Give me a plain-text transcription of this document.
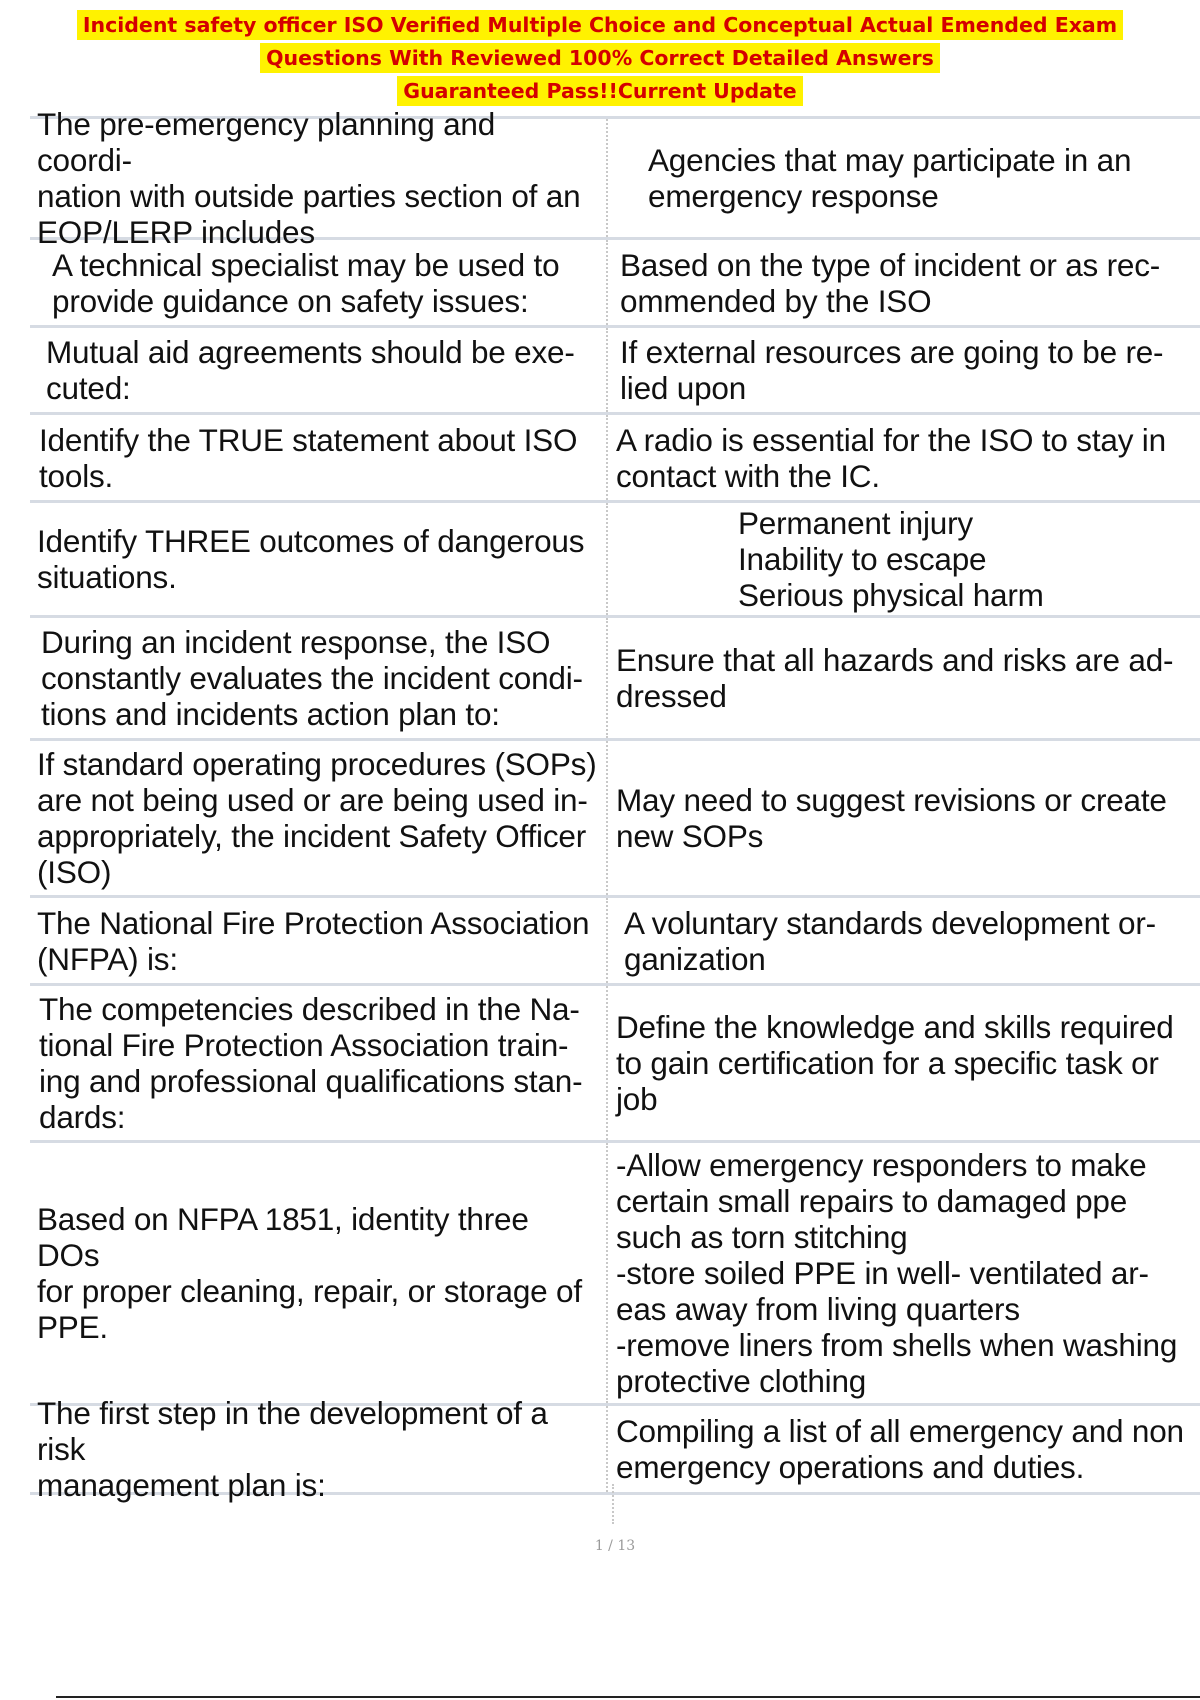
Incident safety officer ISO Verified Multiple Choice and Conceptual Actual Emended Exam
Questions With Reviewed 100% Correct Detailed Answers
Guaranteed Pass!!Current Update
The pre-emergency planning and coordi-
nation with outside parties section of an
EOP/LERP includes
Agencies that may participate in an
emergency response
A technical specialist may be used to
provide guidance on safety issues:
Based on the type of incident or as rec-
ommended by the ISO
Mutual aid agreements should be exe-
cuted:
If external resources are going to be re-
lied upon
Identify the TRUE statement about ISO
tools.
A radio is essential for the ISO to stay in
contact with the IC.
Identify THREE outcomes of dangerous
situations.
Permanent injury
Inability to escape
Serious physical harm
During an incident response, the ISO
constantly evaluates the incident condi-
tions and incidents action plan to:
Ensure that all hazards and risks are ad-
dressed
If standard operating procedures (SOPs)
are not being used or are being used in-
appropriately, the incident Safety Officer
(ISO)
May need to suggest revisions or create
new SOPs
The National Fire Protection Association
(NFPA) is:
A voluntary standards development or-
ganization
The competencies described in the Na-
tional Fire Protection Association train-
ing and professional qualifications stan-
dards:
Define the knowledge and skills required
to gain certification for a specific task or
job
Based on NFPA 1851, identity three DOs
for proper cleaning, repair, or storage of
PPE.
-Allow emergency responders to make
certain small repairs to damaged ppe
such as torn stitching
-store soiled PPE in well- ventilated ar-
eas away from living quarters
-remove liners from shells when washing
protective clothing
The first step in the development of a risk
management plan is:
Compiling a list of all emergency and non
emergency operations and duties.
1 / 13
